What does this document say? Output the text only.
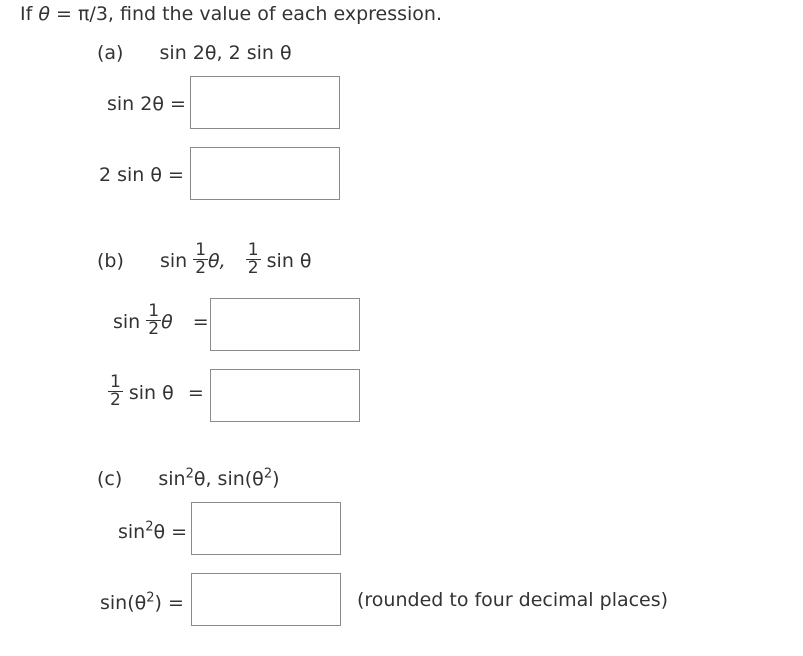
If θ = π/3, find the value of each expression.
(a) sin 2θ, 2 sin θ
sin 2θ =
2 sin θ =
(b) $\sin \frac{1}{2} \theta$, $\frac{1}{2}$ sin θ
$\sin \frac{1}{2}$ θ =
$\frac{1}{2}$ sin θ =
(c) $\sin^2\theta$, $\sin(\theta^2)$
$\sin^2\theta$ =
$\sin(\theta^2)$ =	(rounded to four decimal places)
